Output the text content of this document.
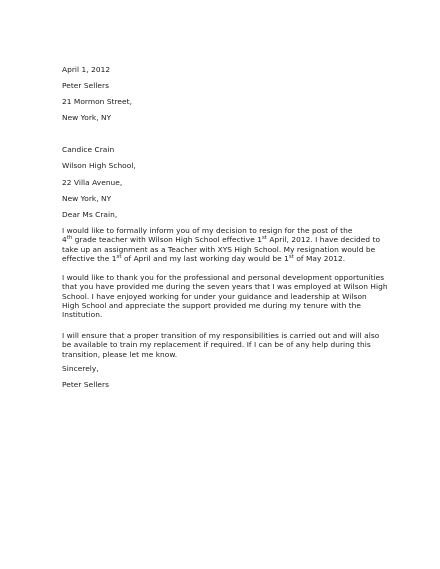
April 1, 2012
Peter Sellers
21 Mormon Street,
New York, NY
Candice Crain
Wilson High School,
22 Villa Avenue,
New York, NY
Dear Ms Crain,
I would like to formally inform you of my decision to resign for the post of the
4th grade teacher with Wilson High School effective 1st April, 2012. I have decided to
take up an assignment as a Teacher with XYS High School. My resignation would be
effective the 1st of April and my last working day would be 1st of May 2012.
I would like to thank you for the professional and personal development opportunities
that you have provided me during the seven years that I was employed at Wilson High
School. I have enjoyed working for under your guidance and leadership at Wilson
High School and appreciate the support provided me during my tenure with the
Institution.
I will ensure that a proper transition of my responsibilities is carried out and will also
be available to train my replacement if required. If I can be of any help during this
transition, please let me know.
Sincerely,
Peter Sellers
